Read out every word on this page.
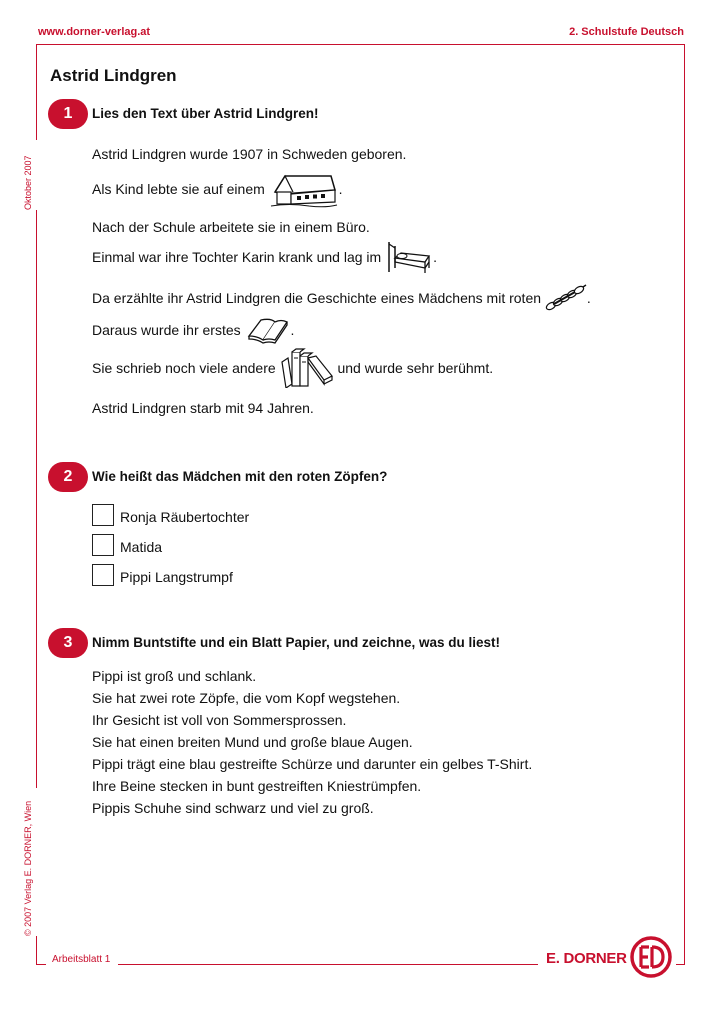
www.dorner-verlag.at	2. Schulstufe Deutsch
Oktober 2007
© 2007 Verlag E. DORNER, Wien
Astrid Lindgren
1	Lies den Text über Astrid Lindgren!
Astrid Lindgren wurde 1907 in Schweden geboren.
Als Kind lebte sie auf einem	.
Nach der Schule arbeitete sie in einem Büro.
Einmal war ihre Tochter Karin krank und lag im	.
Da erzählte ihr Astrid Lindgren die Geschichte eines Mädchens mit roten	.
Daraus wurde ihr erstes	.
Sie schrieb noch viele andere	und wurde sehr berühmt.
Astrid Lindgren starb mit 94 Jahren.
2	Wie heißt das Mädchen mit den roten Zöpfen?
Ronja Räubertochter
Matida
Pippi Langstrumpf
3	Nimm Buntstifte und ein Blatt Papier, und zeichne, was du liest!
Pippi ist groß und schlank.
Sie hat zwei rote Zöpfe, die vom Kopf wegstehen.
Ihr Gesicht ist voll von Sommersprossen.
Sie hat einen breiten Mund und große blaue Augen.
Pippi trägt eine blau gestreifte Schürze und darunter ein gelbes T-Shirt.
Ihre Beine stecken in bunt gestreiften Kniestrümpfen.
Pippis Schuhe sind schwarz und viel zu groß.
Arbeitsblatt 1	E. DORNER
